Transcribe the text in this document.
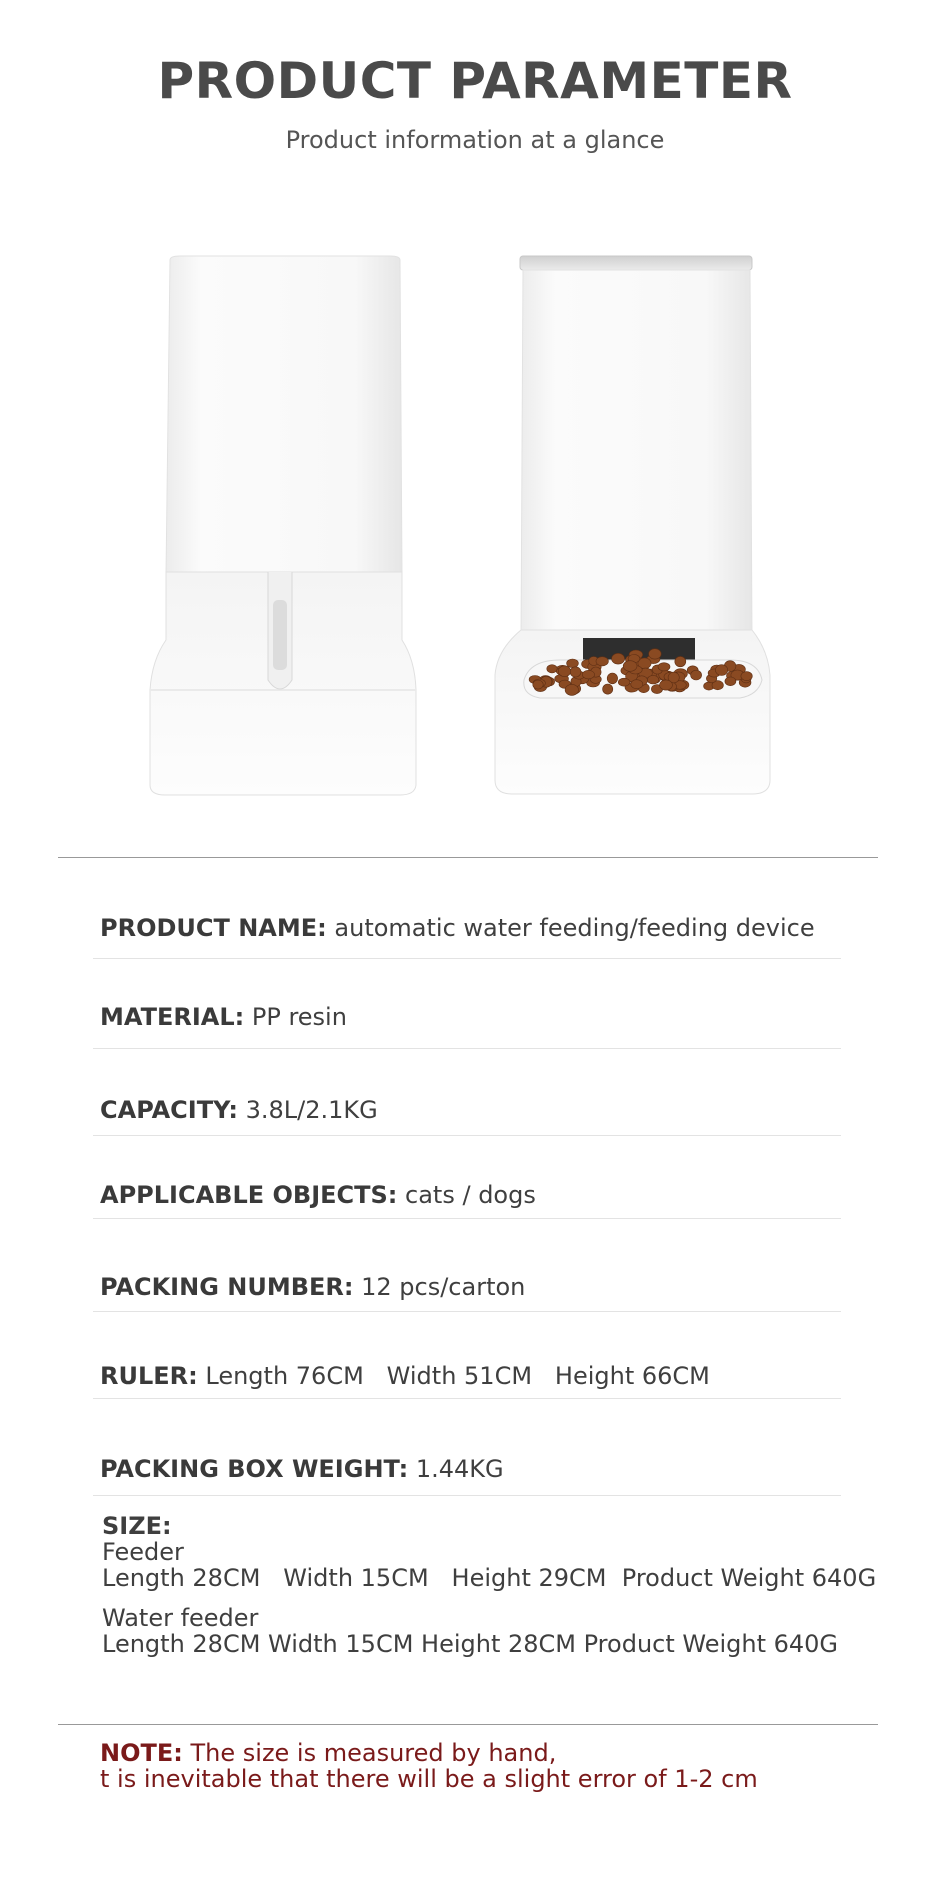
PRODUCT PARAMETER
Product information at a glance
PRODUCT NAME: automatic water feeding/feeding device
MATERIAL: PP resin
CAPACITY: 3.8L/2.1KG
APPLICABLE OBJECTS: cats / dogs
PACKING NUMBER: 12 pcs/carton
RULER: Length 76CM   Width 51CM   Height 66CM
PACKING BOX WEIGHT: 1.44KG
SIZE:
Feeder
Length 28CM   Width 15CM   Height 29CM  Product Weight 640G
Water feeder
Length 28CM Width 15CM Height 28CM Product Weight 640G
NOTE: The size is measured by hand,
t is inevitable that there will be a slight error of 1-2 cm
